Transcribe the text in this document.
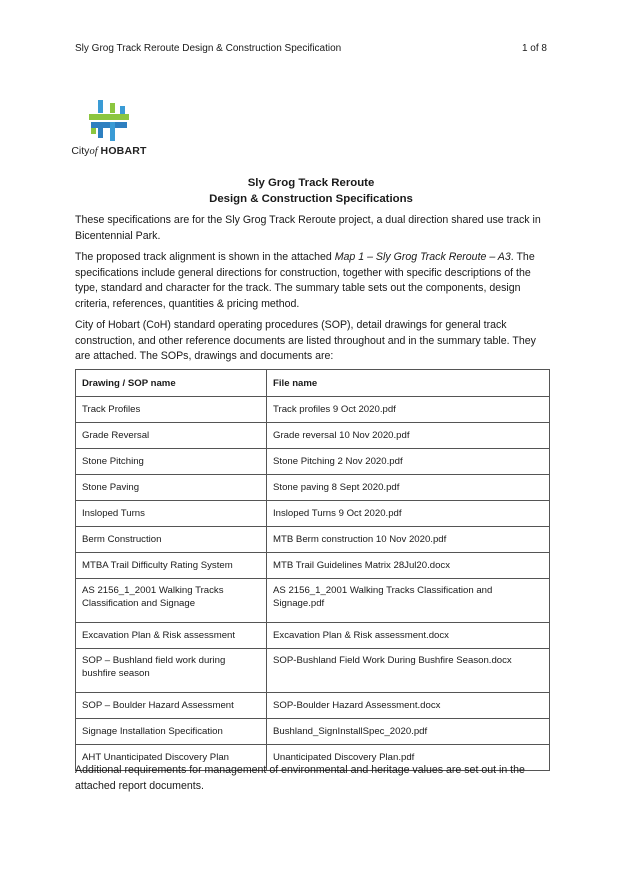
Sly Grog Track Reroute Design & Construction Specification	1 of 8
Cityof HOBART
Sly Grog Track Reroute
Design & Construction Specifications

These specifications are for the Sly Grog Track Reroute project, a dual direction shared use track in Bicentennial Park.

The proposed track alignment is shown in the attached Map 1 – Sly Grog Track Reroute – A3. The specifications include general directions for construction, together with specific descriptions of the type, standard and character for the track. The summary table sets out the components, design criteria, references, quantities & pricing method.

City of Hobart (CoH) standard operating procedures (SOP), detail drawings for general track construction, and other reference documents are listed throughout and in the summary table. They are attached. The SOPs, drawings and documents are:

Drawing / SOP name	File name
Track Profiles	Track profiles 9 Oct 2020.pdf
Grade Reversal	Grade reversal 10 Nov 2020.pdf
Stone Pitching	Stone Pitching 2 Nov 2020.pdf
Stone Paving	Stone paving 8 Sept 2020.pdf
Insloped Turns	Insloped Turns 9 Oct 2020.pdf
Berm Construction	MTB Berm construction 10 Nov 2020.pdf
MTBA Trail Difficulty Rating System	MTB Trail Guidelines Matrix 28Jul20.docx
AS 2156_1_2001 Walking Tracks Classification and Signage	AS 2156_1_2001 Walking Tracks Classification and Signage.pdf
Excavation Plan & Risk assessment	Excavation Plan & Risk assessment.docx
SOP – Bushland field work during bushfire season	SOP-Bushland Field Work During Bushfire Season.docx
SOP – Boulder Hazard Assessment	SOP-Boulder Hazard Assessment.docx
Signage Installation Specification	Bushland_SignInstallSpec_2020.pdf
AHT Unanticipated Discovery Plan	Unanticipated Discovery Plan.pdf

Additional requirements for management of environmental and heritage values are set out in the attached report documents.
